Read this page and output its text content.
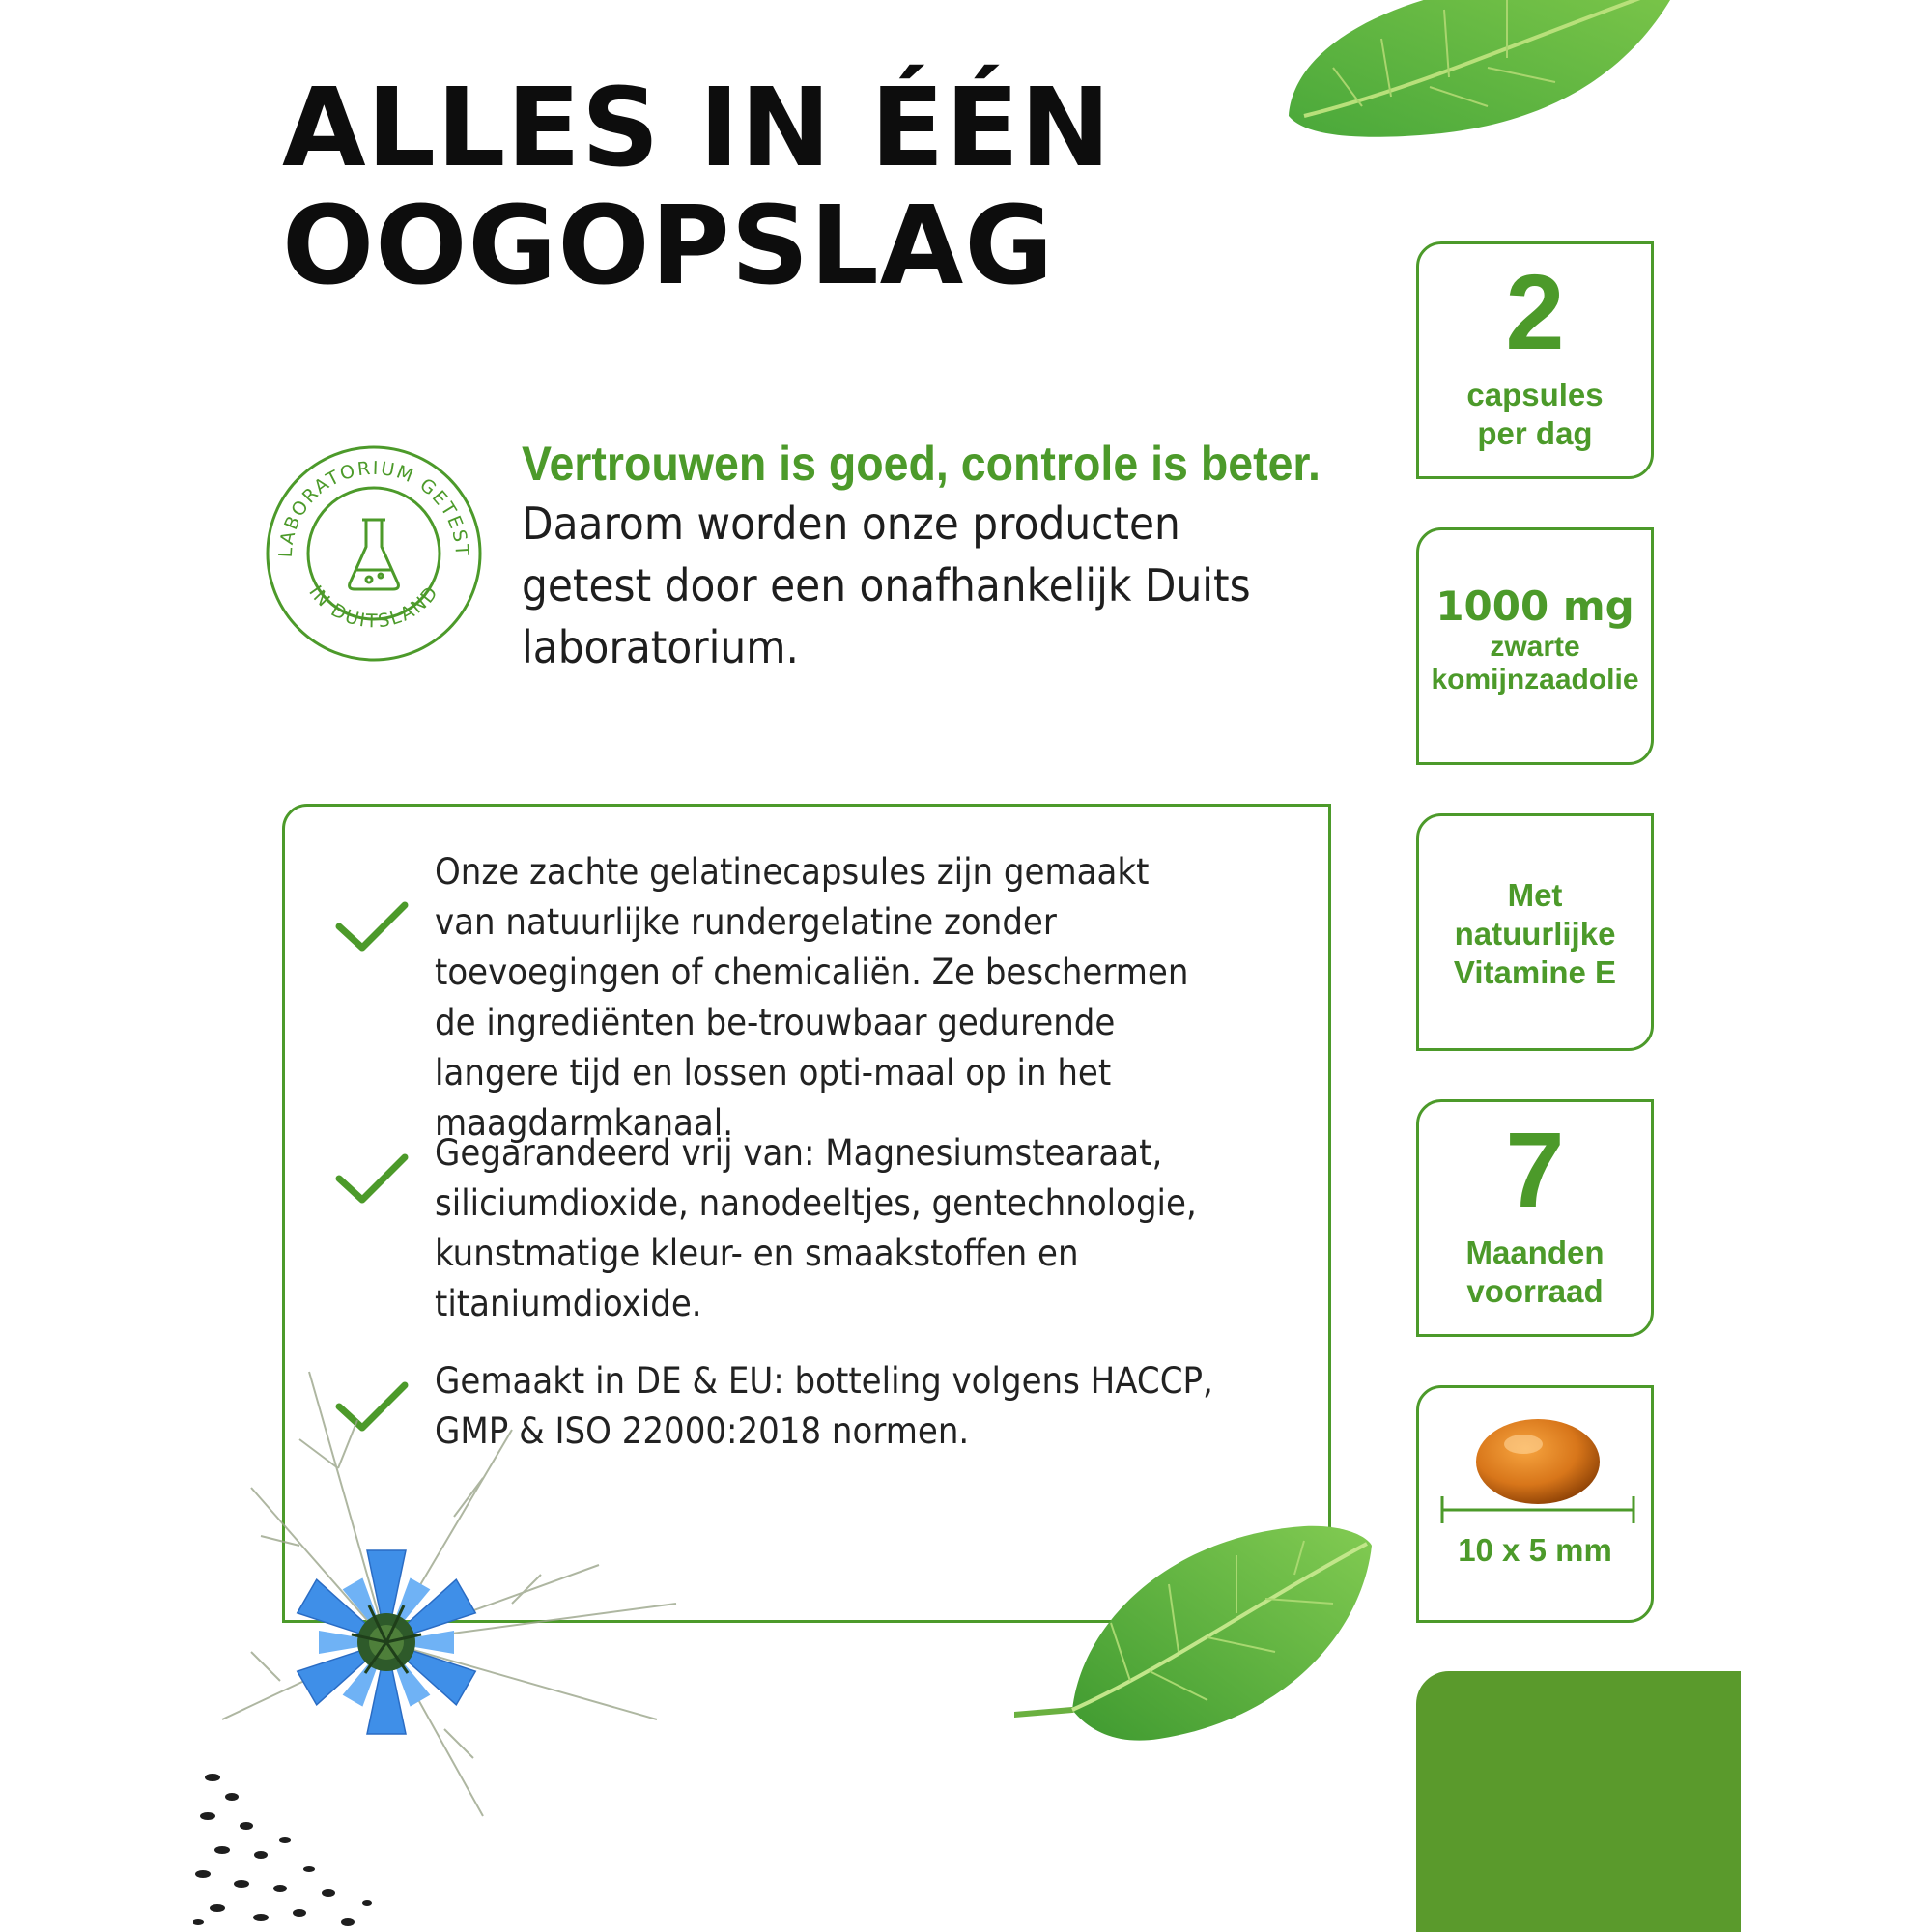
ALLES IN ÉÉN
OOGOPSLAG
LABORATORIUM GETEST
IN DUITSLAND
Vertrouwen is goed, controle is beter.
Daarom worden onze producten getest door een onafhankelijk Duits laboratorium.
Onze zachte gelatinecapsules zijn gemaakt van natuurlijke rundergelatine zonder toevoegingen of chemicaliën. Ze beschermen de ingrediënten be-trouwbaar gedurende langere tijd en lossen opti-maal op in het maagdarmkanaal.
Gegarandeerd vrij van: Magnesiumstearaat, siliciumdioxide, nanodeeltjes, gentechnologie, kunstmatige kleur- en smaakstoffen en titaniumdioxide.
Gemaakt in DE & EU: botteling volgens HACCP, GMP & ISO 22000:2018 normen.
2
capsules
per dag
1000 mg
zwarte
komijnzaadolie
Met
natuurlijke
Vitamine E
7
Maanden
voorraad
10 x 5 mm
